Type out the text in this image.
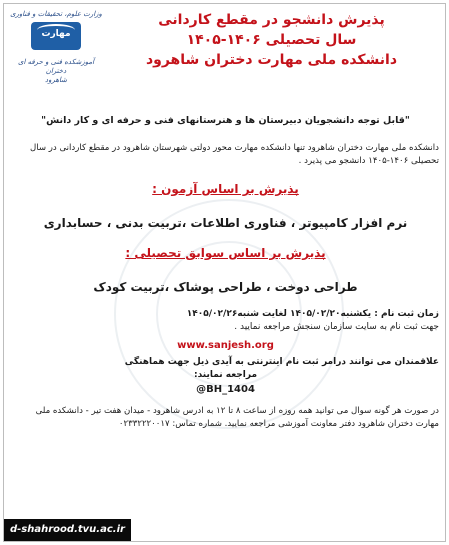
وزارت علوم، تحقیقات و فناوری
مهارت
آموزشکده فنی و حرفه ای دختران
شاهرود
پذیرش دانشجو در مقطع کاردانی
سال تحصیلی ۱۴۰۶-۱۴۰۵
دانشکده ملی مهارت دختران شاهرود
"قابل توجه دانشجویان دبیرستان ها و هنرستانهای فنی و حرفه ای و کار دانش"
دانشکده ملی مهارت دختران شاهرود تنها دانشکده مهارت محور دولتی شهرستان شاهرود در مقطع کاردانی در سال تحصیلی ۱۴۰۶-۱۴۰۵ دانشجو می پذیرد .
پذیرش بر اساس آزمون :
نرم افزار کامپیوتر ، فناوری اطلاعات ،تربیت بدنی ، حسابداری
پذیرش بر اساس سوابق تحصیلی :
طراحی دوخت ، طراحی پوشاک ،تربیت کودک
زمان ثبت نام : یکشنبه۱۴۰۵/۰۲/۲۰ لغایت شنبه۱۴۰۵/۰۲/۲۶
جهت ثبت نام به سایت سازمان سنجش مراجعه نمایید .
www.sanjesh.org
علاقمندان می توانند درامر ثبت نام اینترنتی به آیدی ذیل جهت هماهنگی
مراجعه نمایند:
@BH_1404
در صورت هر گونه سوال می توانید همه روزه از ساعت ۸ تا ۱۲ به ادرس شاهرود - میدان هفت تیر - دانشکده ملی مهارت دختران شاهرود دفتر معاونت آموزشی مراجعه نمایید. شماره تماس: ۰۲۳۳۲۲۲۰۰۱۷
d-shahrood.tvu.ac.ir
